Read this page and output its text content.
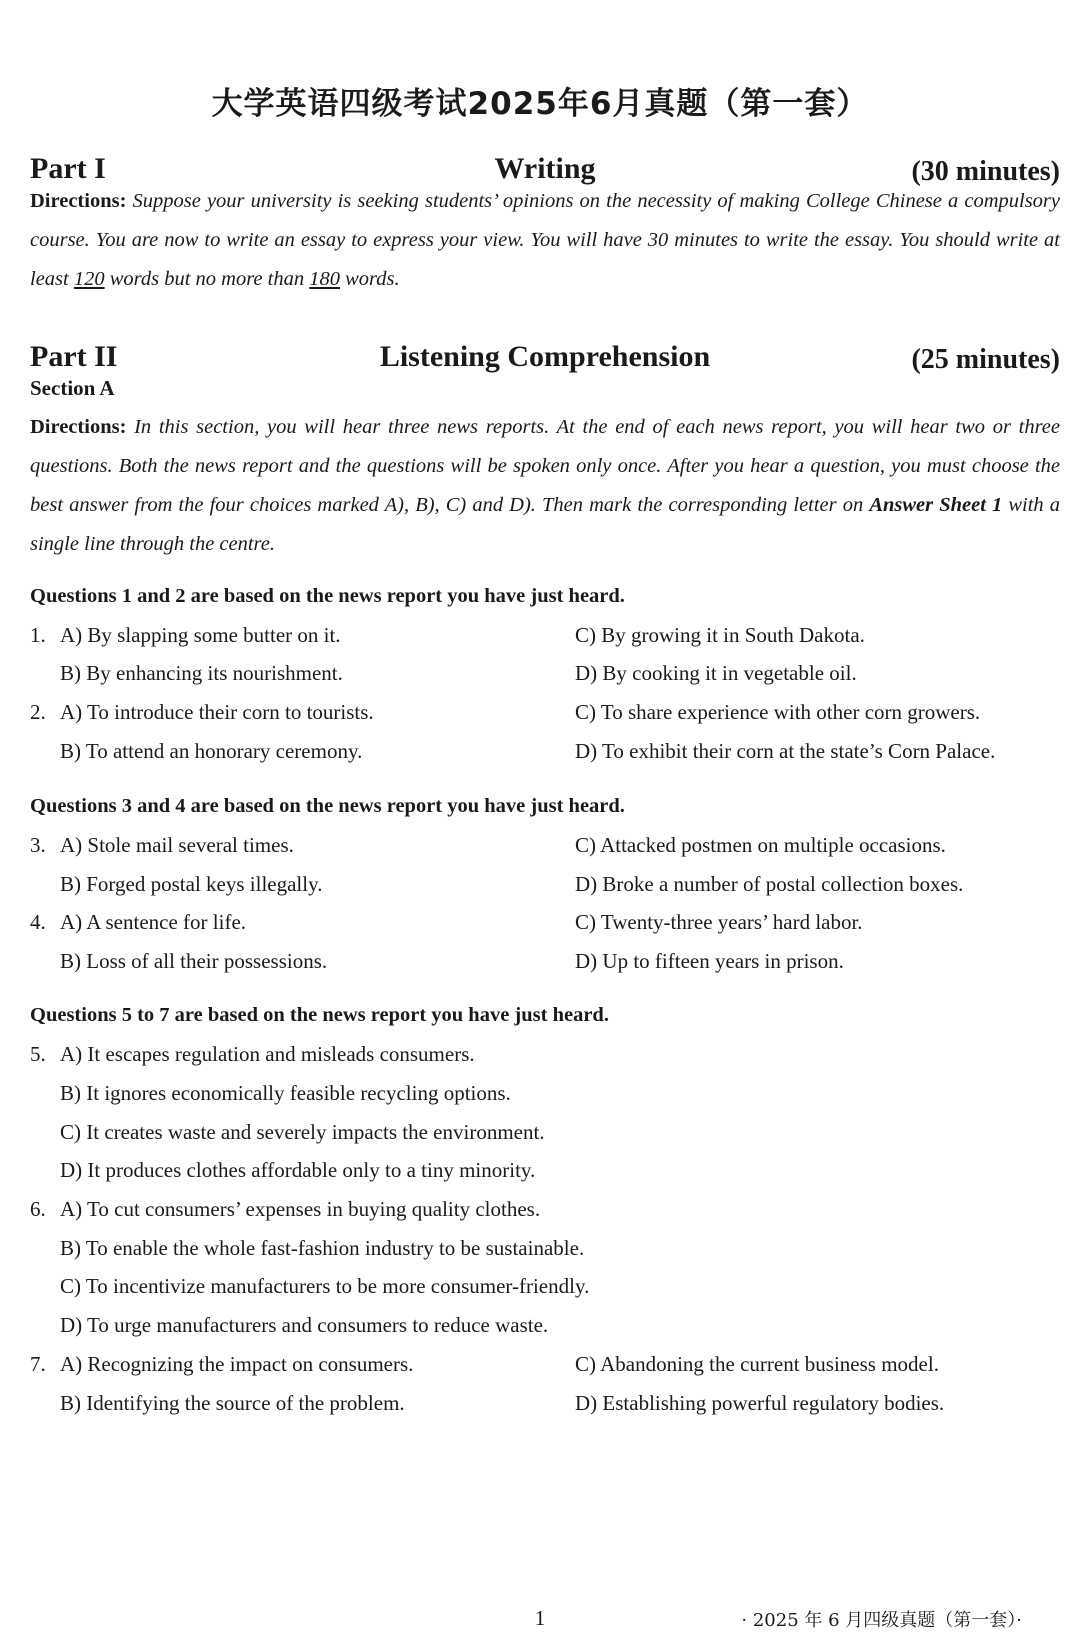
大学英语四级考试2025年6月真题（第一套）
Part I	Writing	(30 minutes)
Directions: Suppose your university is seeking students’ opinions on the necessity of making College Chinese a compulsory course. You are now to write an essay to express your view. You will have 30 minutes to write the essay. You should write at least 120 words but no more than 180 words.
Part II	Listening Comprehension	(25 minutes)
Section A
Directions: In this section, you will hear three news reports. At the end of each news report, you will hear two or three questions. Both the news report and the questions will be spoken only once. After you hear a question, you must choose the best answer from the four choices marked A), B), C) and D). Then mark the corresponding letter on Answer Sheet 1 with a single line through the centre.
Questions 1 and 2 are based on the news report you have just heard.
1. A) By slapping some butter on it.	C) By growing it in South Dakota.
B) By enhancing its nourishment.	D) By cooking it in vegetable oil.
2. A) To introduce their corn to tourists.	C) To share experience with other corn growers.
B) To attend an honorary ceremony.	D) To exhibit their corn at the state’s Corn Palace.
Questions 3 and 4 are based on the news report you have just heard.
3. A) Stole mail several times.	C) Attacked postmen on multiple occasions.
B) Forged postal keys illegally.	D) Broke a number of postal collection boxes.
4. A) A sentence for life.	C) Twenty-three years’ hard labor.
B) Loss of all their possessions.	D) Up to fifteen years in prison.
Questions 5 to 7 are based on the news report you have just heard.
5. A) It escapes regulation and misleads consumers.
B) It ignores economically feasible recycling options.
C) It creates waste and severely impacts the environment.
D) It produces clothes affordable only to a tiny minority.
6. A) To cut consumers’ expenses in buying quality clothes.
B) To enable the whole fast-fashion industry to be sustainable.
C) To incentivize manufacturers to be more consumer-friendly.
D) To urge manufacturers and consumers to reduce waste.
7. A) Recognizing the impact on consumers.	C) Abandoning the current business model.
B) Identifying the source of the problem.	D) Establishing powerful regulatory bodies.
1	· 2025 年 6 月四级真题（第一套）·
